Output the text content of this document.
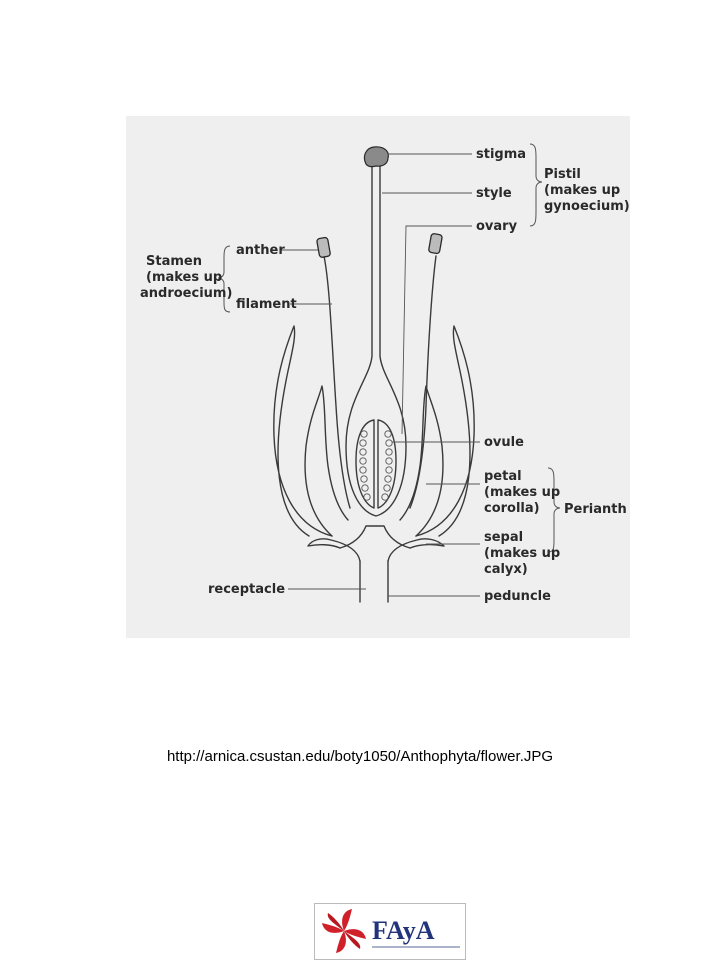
stigma
style
ovary
Pistil
(makes up
gynoecium)
anther
filament
Stamen
(makes up
androecium)
ovule
petal
(makes up
corolla) Perianth
sepal
(makes up
calyx)
receptacle	peduncle
http://arnica.csustan.edu/boty1050/Anthophyta/flower.JPG
FAyA
